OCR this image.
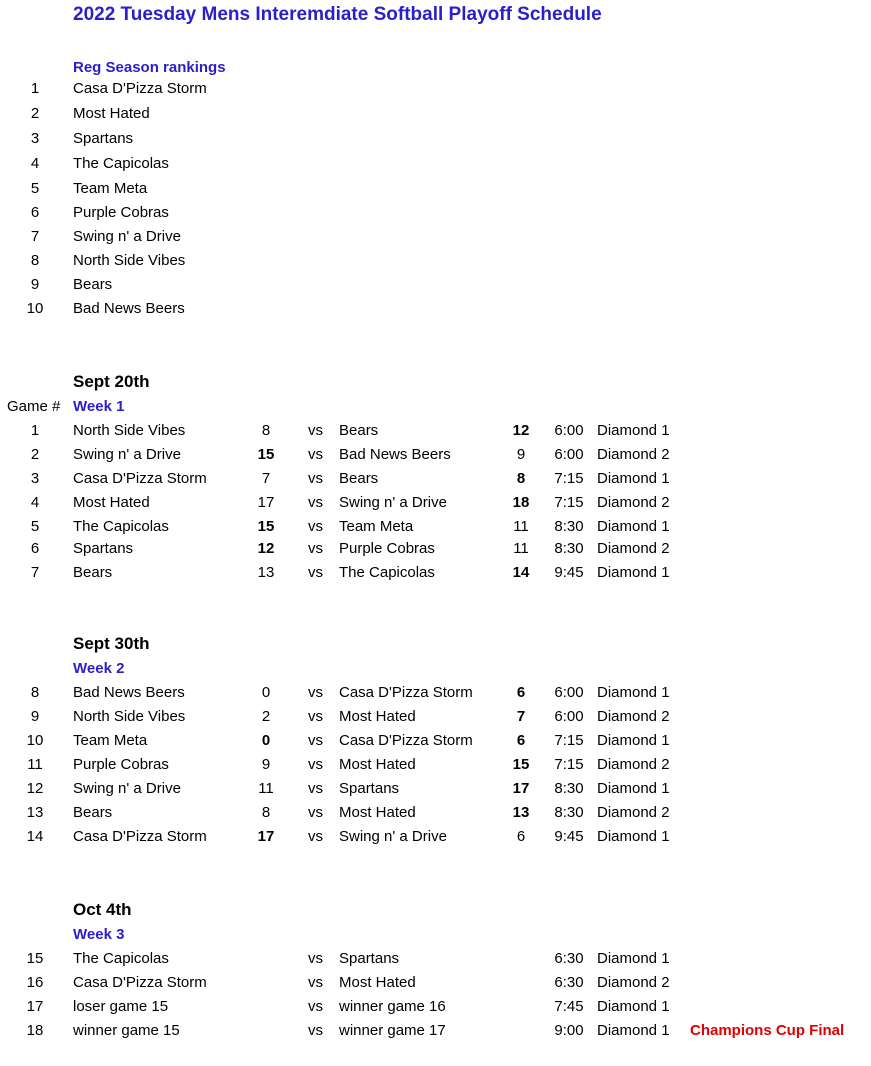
2022 Tuesday Mens Interemdiate Softball Playoff Schedule
Reg Season rankings
1	Casa D'Pizza Storm
2	Most Hated
3	Spartans
4	The Capicolas
5	Team Meta
6	Purple Cobras
7	Swing n' a Drive
8	North Side Vibes
9	Bears
10	Bad News Beers
Sept 20th
Week 1
Game #
1	North Side Vibes	8	vs Bears	12	6:00 Diamond 1
2	Swing n' a Drive	15	vs Bad News Beers	9	6:00 Diamond 2
3	Casa D'Pizza Storm	7	vs Bears	8	7:15 Diamond 1
4	Most Hated	17	vs Swing n' a Drive	18	7:15 Diamond 2
5	The Capicolas	15	vs Team Meta	11	8:30 Diamond 1
6	Spartans	12	vs Purple Cobras	11	8:30 Diamond 2
7	Bears	13	vs The Capicolas	14	9:45 Diamond 1
Sept 30th
Week 2
8	Bad News Beers	0	vs Casa D'Pizza Storm	6	6:00 Diamond 1
9	North Side Vibes	2	vs Most Hated	7	6:00 Diamond 2
10	Team Meta	0	vs Casa D'Pizza Storm	6	7:15 Diamond 1
11	Purple Cobras	9	vs Most Hated	15	7:15 Diamond 2
12	Swing n' a Drive	11	vs Spartans	17	8:30 Diamond 1
13	Bears	8	vs Most Hated	13	8:30 Diamond 2
14	Casa D'Pizza Storm	17	vs Swing n' a Drive	6	9:45 Diamond 1
Oct 4th
Week 3
15	The Capicolas	vs Spartans	6:30 Diamond 1
16	Casa D'Pizza Storm	vs Most Hated	6:30 Diamond 2
17	loser game 15	vs winner game 16	7:45 Diamond 1
18	winner game 15	vs winner game 17	9:00 Diamond 1 Champions Cup Final
